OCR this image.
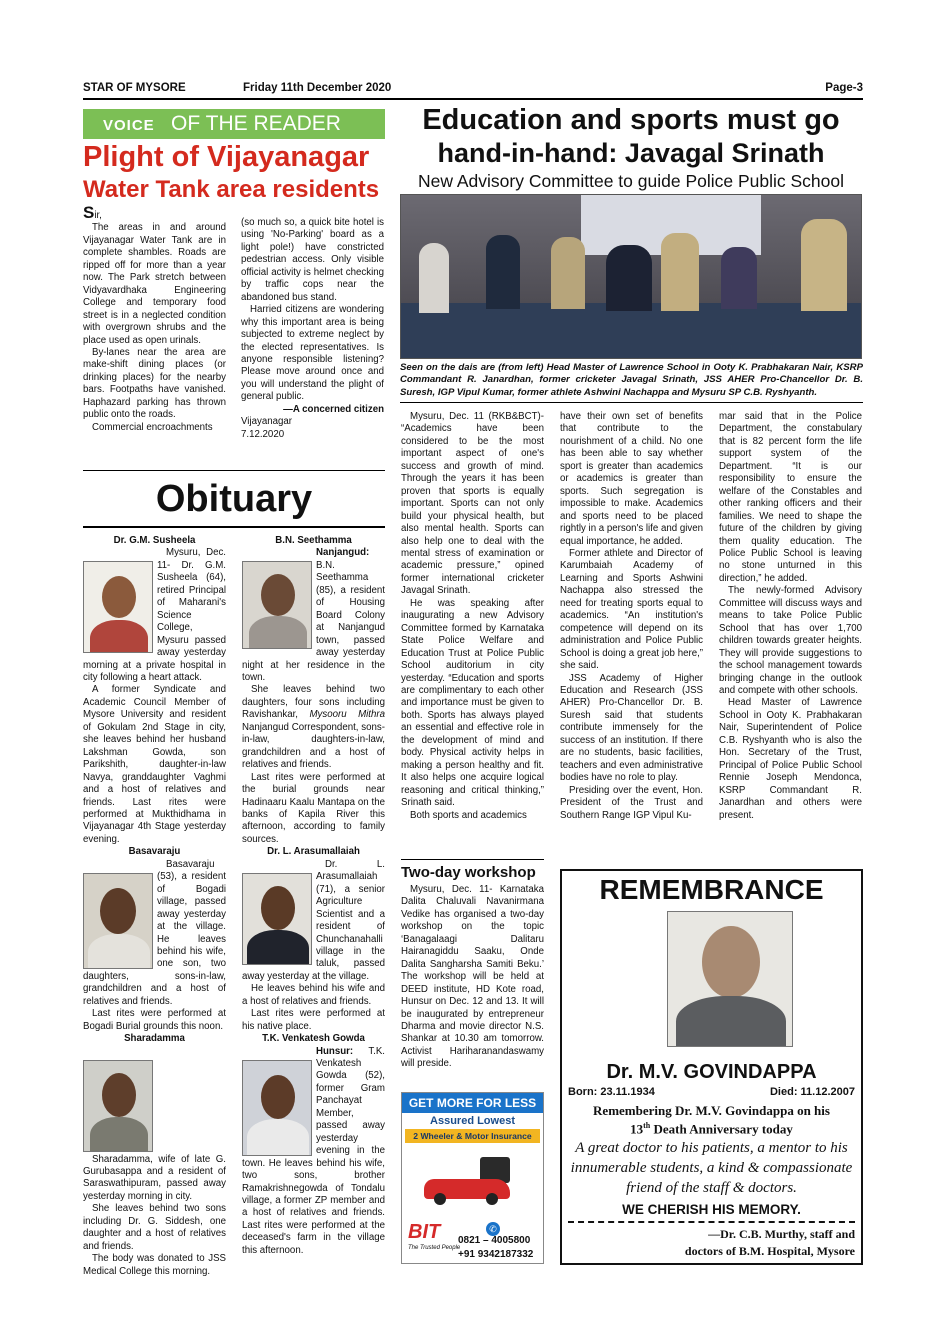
STAR OF MYSORE	Friday 11th December 2020	Page-3
VOICE OF THE READER
Plight of Vijayanagar
Water Tank area residents

Sir,

The areas in and around Vijayanagar Water Tank are in complete shambles. Roads are ripped off for more than a year now. The Park stretch between Vidyavardhaka Engineering College and temporary food street is in a neglected condition with overgrown shrubs and the place used as open urinals.

By-lanes near the area are make-shift dining places (or drinking places) for the nearby bars. Footpaths have vanished. Haphazard parking has thrown public onto the roads.

Commercial encroachments

(so much so, a quick bite hotel is using 'No-Parking' board as a light pole!) have constricted pedestrian access. Only visible official activity is helmet checking by traffic cops near the abandoned bus stand.

Harried citizens are wondering why this important area is being subjected to extreme neglect by the elected representatives. Is anyone responsible listening? Please move around once and you will understand the plight of general public.

—A concerned citizen

Vijayanagar

7.12.2020

Education and sports must go
hand-in-hand: Javagal Srinath
New Advisory Committee to guide Police Public School
Seen on the dais are (from left) Head Master of Lawrence School in Ooty K. Prabhakaran Nair, KSRP Commandant R. Janardhan, former cricketer Javagal Srinath, JSS AHER Pro-Chancellor Dr. B. Suresh, IGP Vipul Kumar, former athlete Ashwini Nachappa and Mysuru SP C.B. Ryshyanth.

Mysuru, Dec. 11 (RKB&BCT)- “Academics have been considered to be the most important aspect of one's success and growth of mind. Through the years it has been proven that sports is equally important. Sports can not only build your physical health, but also mental health. Sports can also help one to deal with the mental stress of examination or academic pressure,” opined former international cricketer Javagal Srinath.

He was speaking after inaugurating a new Advisory Committee formed by Karnataka State Police Welfare and Education Trust at Police Public School auditorium in city yesterday. “Education and sports are complimentary to each other and importance must be given to both. Sports has always played an essential and effective role in the development of mind and body. Physical activity helps in making a person healthy and fit. It also helps one acquire logical reasoning and critical thinking,” Srinath said.

Both sports and academics

have their own set of benefits that contribute to the nourishment of a child. No one has been able to say whether sport is greater than academics or academics is greater than sports. Such segregation is impossible to make. Academics and sports need to be placed rightly in a person's life and given equal importance, he added.

Former athlete and Director of Karumbaiah Academy of Learning and Sports Ashwini Nachappa also stressed the need for treating sports equal to academics. “An institution's competence will depend on its administration and Police Public School is doing a great job here,” she said.

JSS Academy of Higher Education and Research (JSS AHER) Pro-Chancellor Dr. B. Suresh said that students contribute immensely for the success of an institution. If there are no students, basic facilities, teachers and even administrative bodies have no role to play.

Presiding over the event, Hon. President of the Trust and Southern Range IGP Vipul Ku-

mar said that in the Police Department, the constabulary that is 82 percent form the life support system of the Department. “It is our responsibility to ensure the welfare of the Constables and other ranking officers and their families. We need to shape the future of the children by giving them quality education. The Police Public School is leaving no stone unturned in this direction,” he added.

The newly-formed Advisory Committee will discuss ways and means to take Police Public School that has over 1,700 children towards greater heights. They will provide suggestions to the school management towards bringing change in the outlook and compete with other schools.

Head Master of Lawrence School in Ooty K. Prabhakaran Nair, Superintendent of Police C.B. Ryshyanth who is also the Hon. Secretary of the Trust, Principal of Police Public School Rennie Joseph Mendonca, KSRP Commandant R. Janardhan and others were present.

Two-day workshop

Mysuru, Dec. 11- Karnataka Dalita Chaluvali Navanirmana Vedike has organised a two-day workshop on the topic ‘Banagalaagi Dalitaru Hairanagiddu Saaku, Onde Dalita Sangharsha Samiti Beku.’ The workshop will be held at DEED institute, HD Kote road, Hunsur on Dec. 12 and 13. It will be inaugurated by entrepreneur Dharma and movie director N.S. Shankar at 10.30 am tomorrow. Activist Hariharanandaswamy will preside.

Obituary
Dr. G.M. Susheela

Mysuru, Dec. 11- Dr. G.M. Susheela (64), retired Principal of Maharani's Science College, Mysuru passed away yesterday morning at a private hospital in city following a heart attack.

A former Syndicate and Academic Council Member of Mysore University and resident of Gokulam 2nd Stage in city, she leaves behind her husband Lakshman Gowda, son Parikshith, daughter-in-law Navya, granddaughter Vaghmi and a host of relatives and friends. Last rites were performed at Mukthidhama in Vijayanagar 4th Stage yesterday evening.

Basavaraju

Basavaraju (53), a resident of Bogadi village, passed away yesterday at the village. He leaves behind his wife, one son, two daughters, sons-in-law, grandchildren and a host of relatives and friends.

Last rites were performed at Bogadi Burial grounds this noon.

Sharadamma

Sharadamma, wife of late G. Gurubasappa and a resident of Saraswathipuram, passed away yesterday morning in city.

She leaves behind two sons including Dr. G. Siddesh, one daughter and a host of relatives and friends.

The body was donated to JSS Medical College this morning.

B.N. Seethamma

Nanjangud: B.N. Seethamma (85), a resident of Housing Board Colony at Nanjangud town, passed away yesterday night at her residence in the town.

She leaves behind two daughters, four sons including Ravishankar, Mysooru Mithra Nanjangud Correspondent, sons-in-law, daughters-in-law, grandchildren and a host of relatives and friends.

Last rites were performed at the burial grounds near Hadinaaru Kaalu Mantapa on the banks of Kapila River this afternoon, according to family sources.

Dr. L. Arasumallaiah

Dr. L. Arasumallaiah (71), a senior Agriculture Scientist and a resident of Chunchanahalli village in the taluk, passed away yesterday at the village.

He leaves behind his wife and a host of relatives and friends.

Last rites were performed at his native place.

T.K. Venkatesh Gowda

Hunsur: T.K. Venkatesh Gowda (52), former Gram Panchayat Member, passed away yesterday evening in the town. He leaves behind his wife, two sons, brother Ramakrishnegowda of Tondalu village, a former ZP member and a host of relatives and friends. Last rites were performed at the deceased's farm in the village this afternoon.

GET MORE FOR LESS
Assured Lowest
2 Wheeler & Motor Insurance
BIT
The Trusted People
✆
0821 – 4005800
+91 9342187332
REMEMBRANCE
Dr. M.V. GOVINDAPPA
Born: 23.11.1934	Died: 11.12.2007
Remembering Dr. M.V. Govindappa on his
13th Death Anniversary today
A great doctor to his patients, a mentor to his
innumerable students, a kind & compassionate
friend of the staff & doctors.
WE CHERISH HIS MEMORY.
—Dr. C.B. Murthy, staff and
doctors of B.M. Hospital, Mysore
